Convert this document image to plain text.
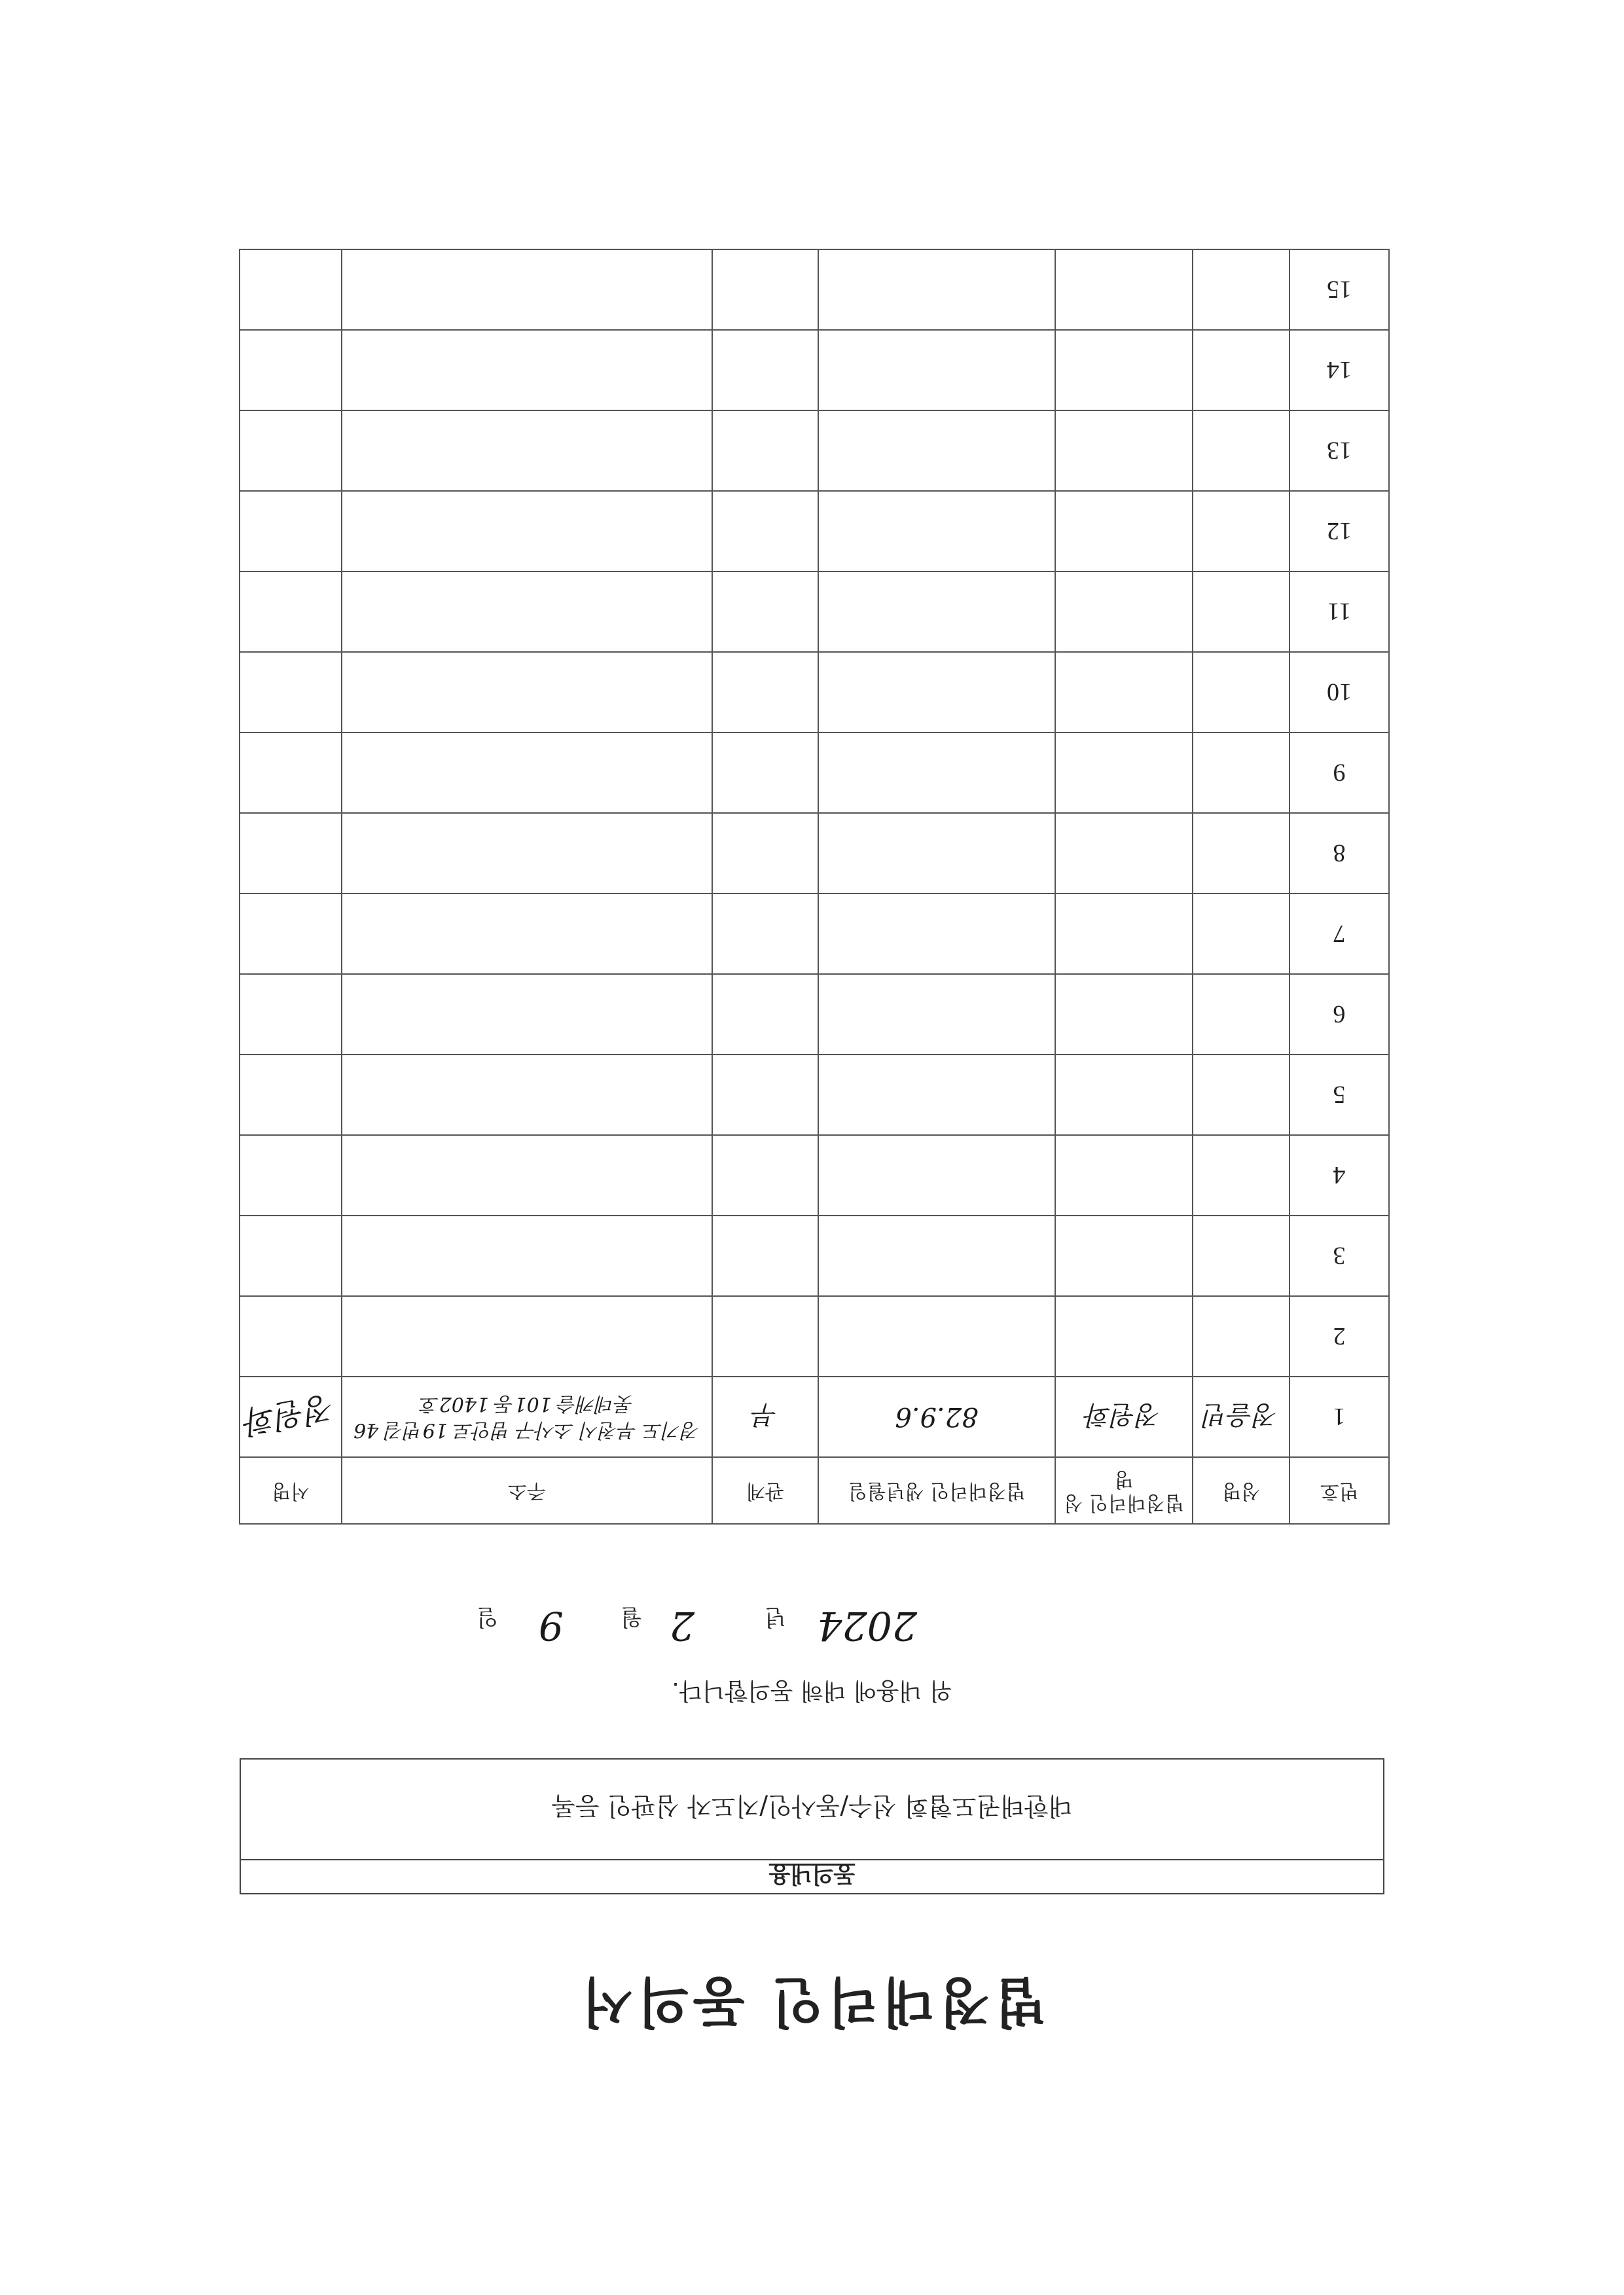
법정대리인 동의서
동의내용
대한태권도협회 선수/동사인/지도자 심판인 등록
위 내용에 대해 동의합니다.
2024
년
2
월
9
일
번호	성명	법정대리인 성명	법정대리인 생년월일	관계	주소	서명
1	정을빈	정원화	82.9.6	부	경기도 부천시 소사구 범안로 19번길 46 롯데캐슬 101동 1402호	정원화
2						
3						
4						
5						
6						
7						
8						
9						
10						
11						
12						
13						
14						
15						
